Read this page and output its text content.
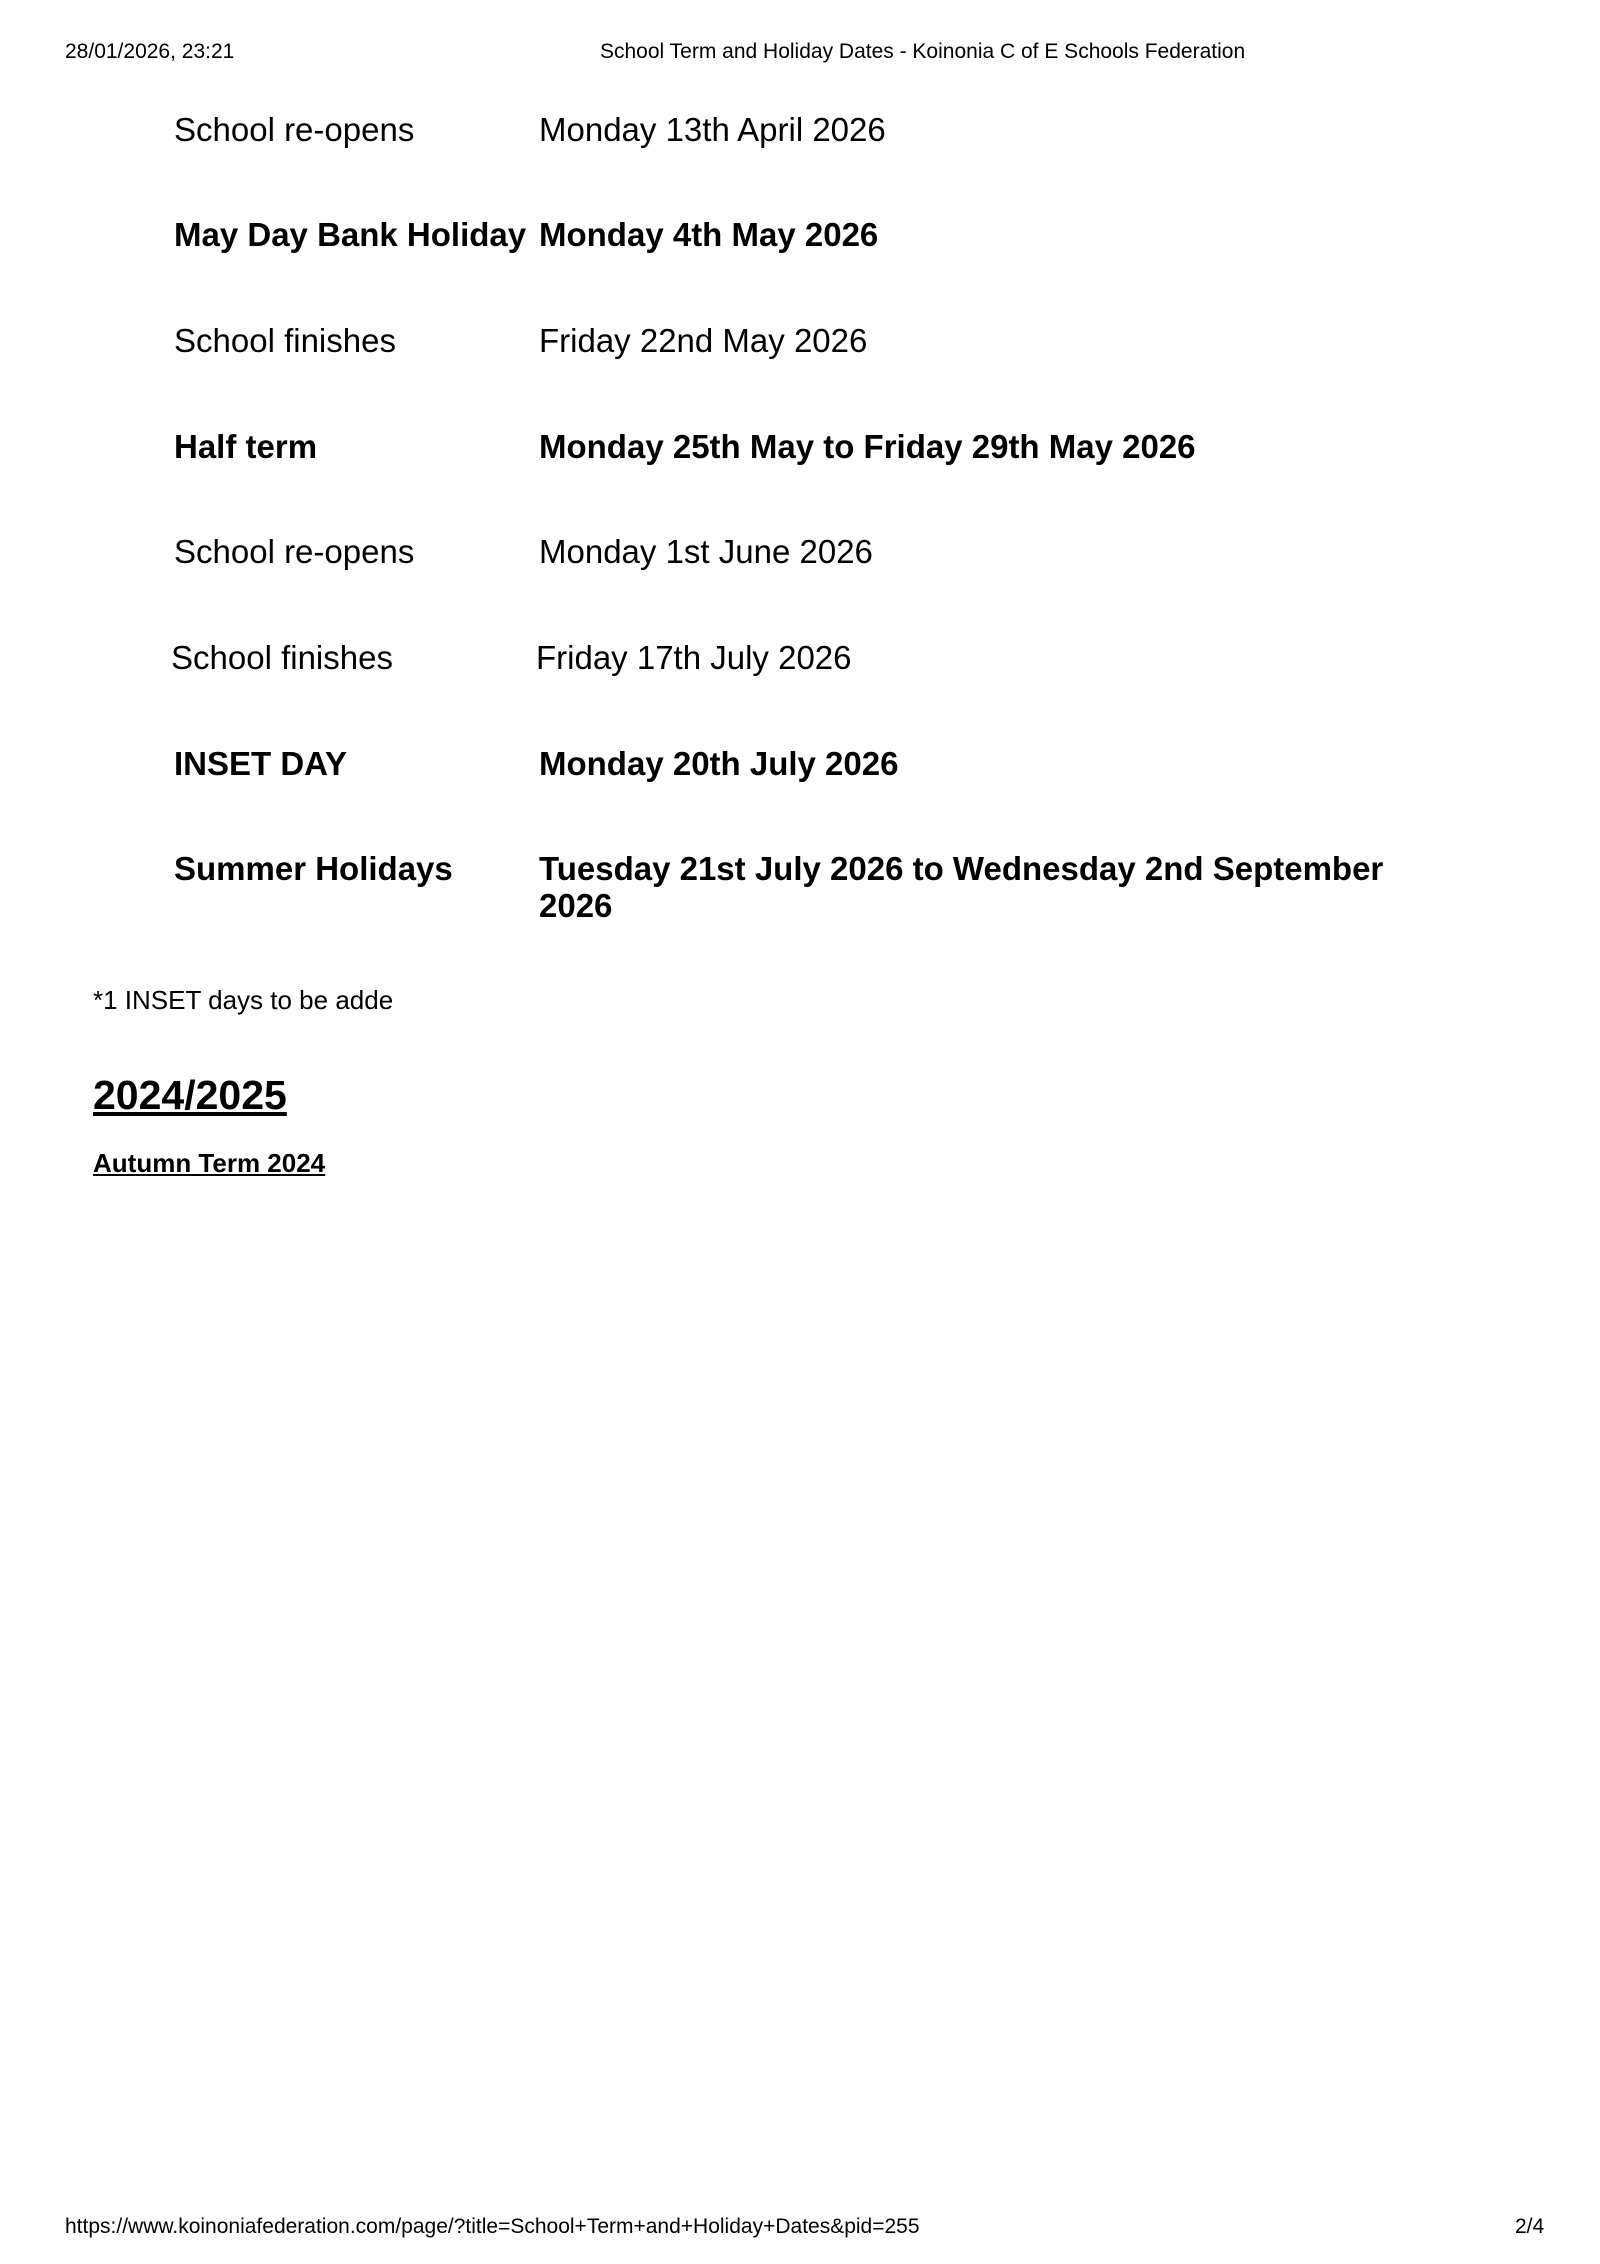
28/01/2026, 23:21	School Term and Holiday Dates - Koinonia C of E Schools Federation
School re-opens	Monday 13th April 2026
May Day Bank Holiday Monday 4th May 2026
School finishes	Friday 22nd May 2026
Half term	Monday 25th May to Friday 29th May 2026
School re-opens	Monday 1st June 2026
School finishes	Friday 17th July 2026
INSET DAY	Monday 20th July 2026
Summer Holidays	Tuesday 21st July 2026 to Wednesday 2nd September 2026
*1 INSET days to be adde
2024/2025
Autumn Term 2024
https://www.koinoniafederation.com/page/?title=School+Term+and+Holiday+Dates&pid=255	2/4
